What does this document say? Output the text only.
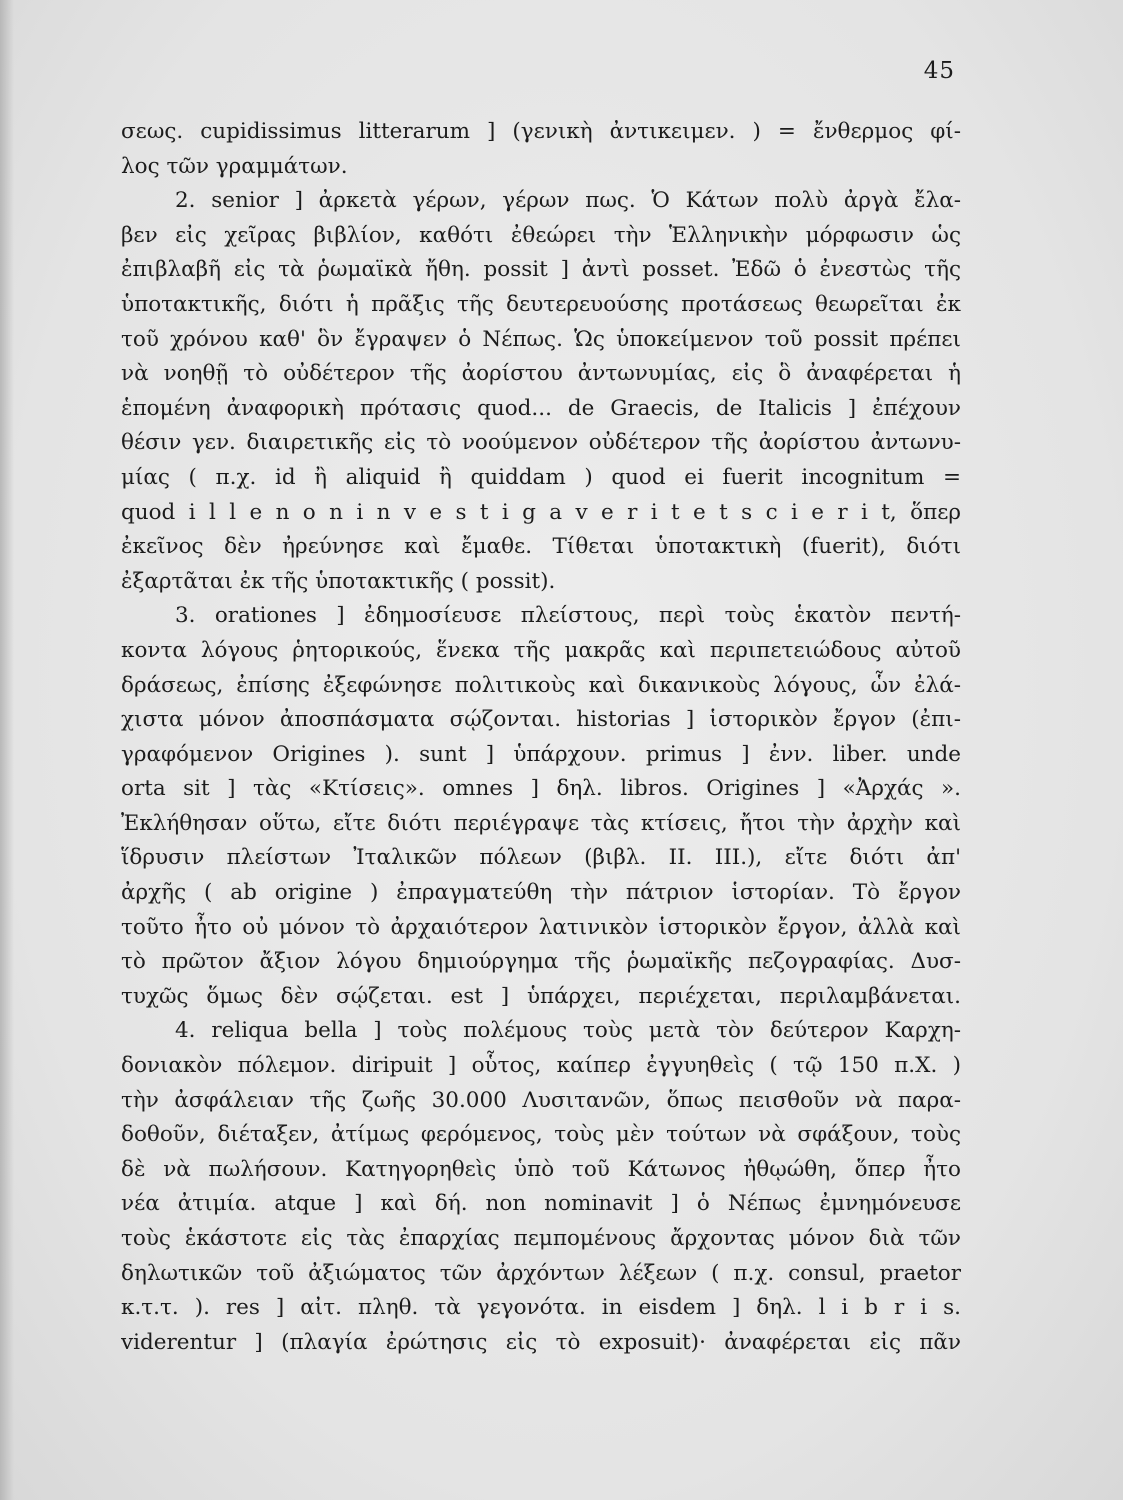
45
σεως. cupidissimus litterarum ] (γενικὴ ἀντικειμεν. ) = ἔνθερμος φί-
λος τῶν γραμμάτων.
2. senior ] ἀρκετὰ γέρων, γέρων πως. Ὁ Κάτων πολὺ ἀργὰ ἔλα-
βεν εἰς χεῖρας βιβλίον, καθότι ἐθεώρει τὴν Ἑλληνικὴν μόρφωσιν ὡς
ἐπιβλαβῆ εἰς τὰ ῥωμαϊκὰ ἤθη. possit ] ἀντὶ posset. Ἐδῶ ὁ ἐνεστὼς τῆς
ὑποτακτικῆς, διότι ἡ πρᾶξις τῆς δευτερευούσης προτάσεως θεωρεῖται ἐκ
τοῦ χρόνου καθ' ὃν ἔγραψεν ὁ Νέπως. Ὡς ὑποκείμενον τοῦ possit πρέπει
νὰ νοηθῇ τὸ οὐδέτερον τῆς ἀορίστου ἀντωνυμίας, εἰς ὃ ἀναφέρεται ἡ
ἑπομένη ἀναφορικὴ πρότασις quod... de Graecis, de Italicis ] ἐπέχουν
θέσιν γεν. διαιρετικῆς εἰς τὸ νοούμενον οὐδέτερον τῆς ἀορίστου ἀντωνυ-
μίας ( π.χ. id ἢ aliquid ἢ quiddam ) quod ei fuerit incognitum =
quod i l l e n o n i n v e s t i g a v e r i t e t s c i e r i t, ὅπερ
ἐκεῖνος δὲν ἠρεύνησε καὶ ἔμαθε. Τίθεται ὑποτακτικὴ (fuerit), διότι
ἐξαρτᾶται ἐκ τῆς ὑποτακτικῆς ( possit).
3. orationes ] ἐδημοσίευσε πλείστους, περὶ τοὺς ἑκατὸν πεντή-
κοντα λόγους ῥητορικούς, ἕνεκα τῆς μακρᾶς καὶ περιπετειώδους αὐτοῦ
δράσεως, ἐπίσης ἐξεφώνησε πολιτικοὺς καὶ δικανικοὺς λόγους, ὧν ἐλά-
χιστα μόνον ἀποσπάσματα σῴζονται. historias ] ἱστορικὸν ἔργον (ἐπι-
γραφόμενον Origines ). sunt ] ὑπάρχουν. primus ] ἐνν. liber. unde
orta sit ] τὰς «Κτίσεις». omnes ] δηλ. libros. Origines ] «Ἀρχάς ».
Ἐκλήθησαν οὕτω, εἴτε διότι περιέγραψε τὰς κτίσεις, ἤτοι τὴν ἀρχὴν καὶ
ἵδρυσιν πλείστων Ἰταλικῶν πόλεων (βιβλ. II. III.), εἴτε διότι ἀπ'
ἀρχῆς ( ab origine ) ἐπραγματεύθη τὴν πάτριον ἱστορίαν. Τὸ ἔργον
τοῦτο ἦτο οὐ μόνον τὸ ἀρχαιότερον λατινικὸν ἱστορικὸν ἔργον, ἀλλὰ καὶ
τὸ πρῶτον ἄξιον λόγου δημιούργημα τῆς ῥωμαϊκῆς πεζογραφίας. Δυσ-
τυχῶς ὅμως δὲν σῴζεται. est ] ὑπάρχει, περιέχεται, περιλαμβάνεται.
4. reliqua bella ] τοὺς πολέμους τοὺς μετὰ τὸν δεύτερον Καρχη-
δονιακὸν πόλεμον. diripuit ] οὗτος, καίπερ ἐγγυηθεὶς ( τῷ 150 π.Χ. )
τὴν ἀσφάλειαν τῆς ζωῆς 30.000 Λυσιτανῶν, ὅπως πεισθοῦν νὰ παρα-
δοθοῦν, διέταξεν, ἀτίμως φερόμενος, τοὺς μὲν τούτων νὰ σφάξουν, τοὺς
δὲ νὰ πωλήσουν. Κατηγορηθεὶς ὑπὸ τοῦ Κάτωνος ἠθῳώθη, ὅπερ ἦτο
νέα ἀτιμία. atque ] καὶ δή. non nominavit ] ὁ Νέπως ἐμνημόνευσε
τοὺς ἑκάστοτε εἰς τὰς ἐπαρχίας πεμπομένους ἄρχοντας μόνον διὰ τῶν
δηλωτικῶν τοῦ ἀξιώματος τῶν ἀρχόντων λέξεων ( π.χ. consul, praetor
κ.τ.τ. ). res ] αἰτ. πληθ. τὰ γεγονότα. in eisdem ] δηλ. l i b r i s.
viderentur ] (πλαγία ἐρώτησις εἰς τὸ exposuit)· ἀναφέρεται εἰς πᾶν
